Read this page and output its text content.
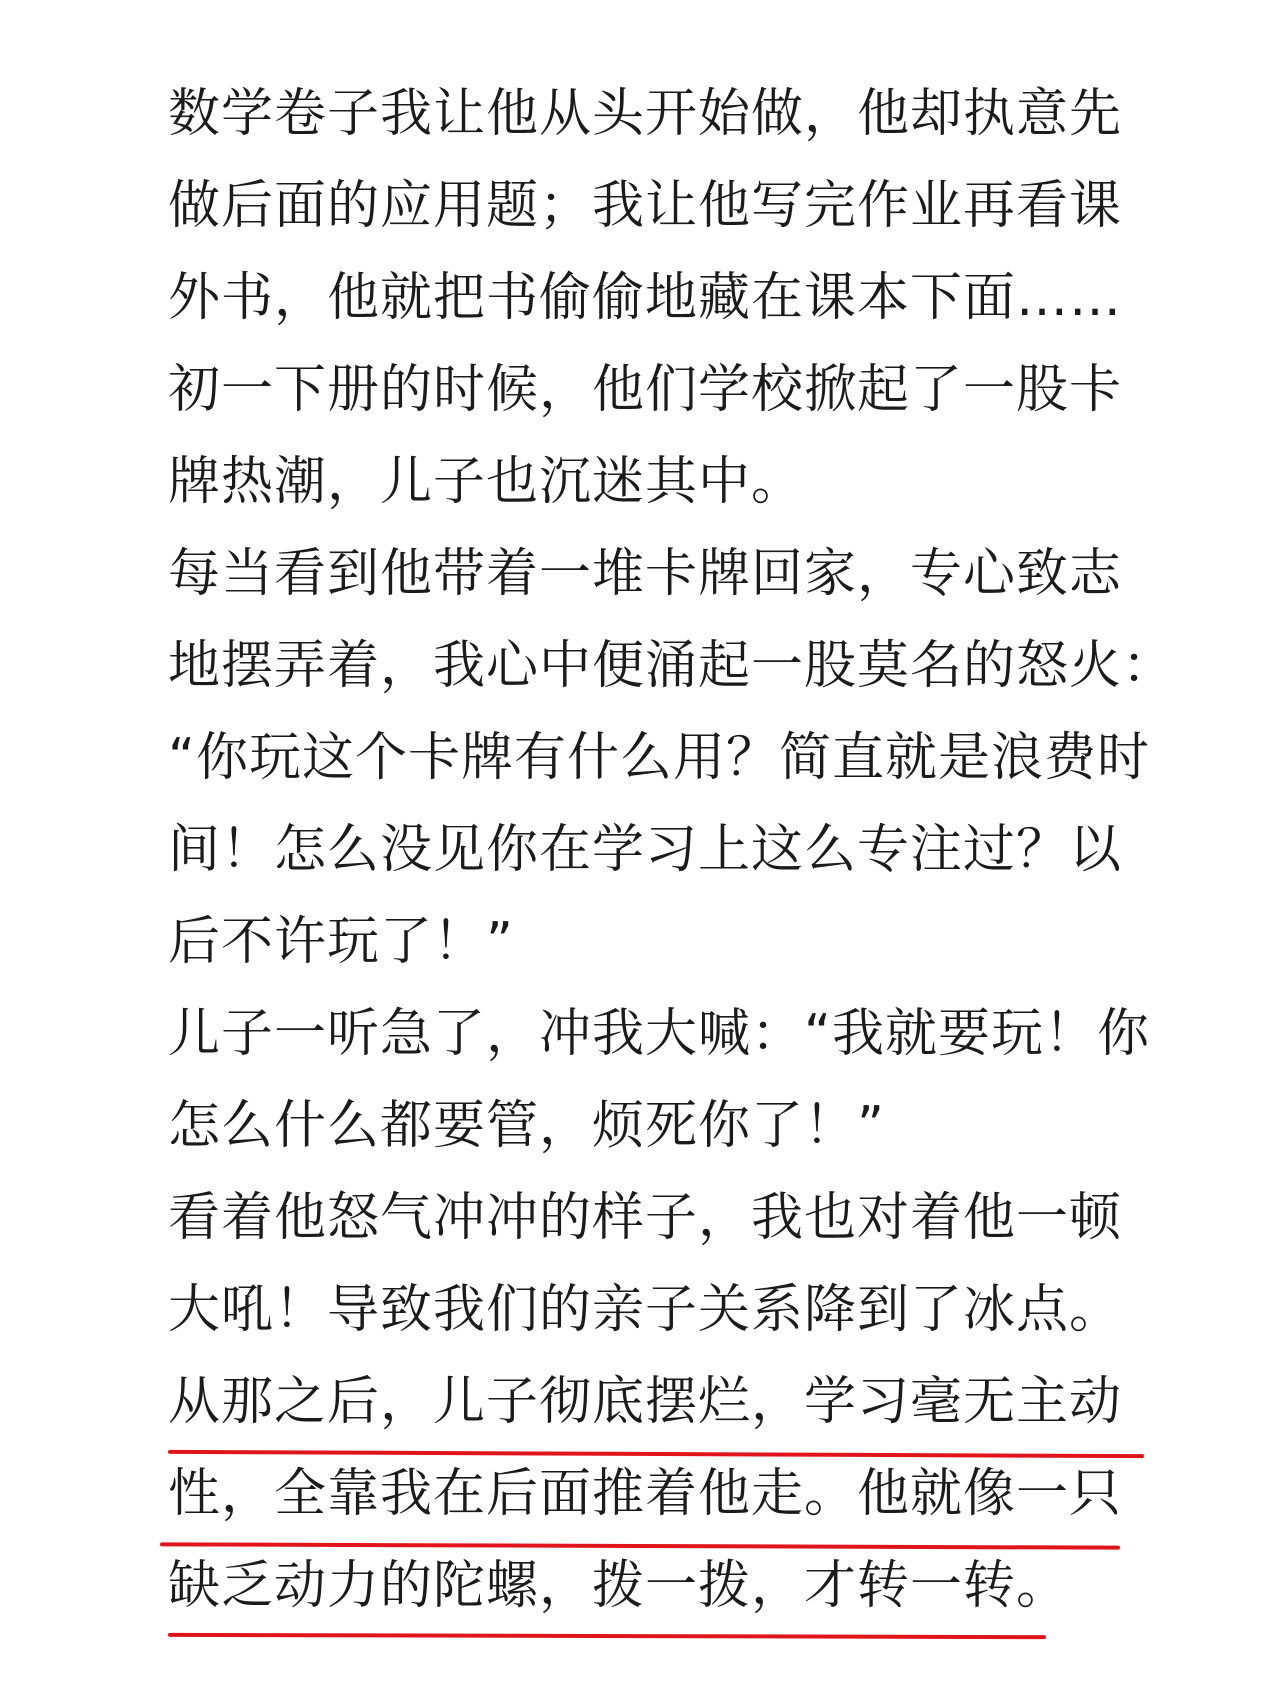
数学卷子我让他从头开始做，他却执意先
做后面的应用题；我让他写完作业再看课
外书，他就把书偷偷地藏在课本下面……
初一下册的时候，他们学校掀起了一股卡
牌热潮，儿子也沉迷其中。
每当看到他带着一堆卡牌回家，专心致志
地摆弄着，我心中便涌起一股莫名的怒火：
“你玩这个卡牌有什么用？简直就是浪费时
间！怎么没见你在学习上这么专注过？以
后不许玩了！”
儿子一听急了，冲我大喊：“我就要玩！你
怎么什么都要管，烦死你了！”
看着他怒气冲冲的样子，我也对着他一顿
大吼！导致我们的亲子关系降到了冰点。
从那之后，儿子彻底摆烂，学习毫无主动
性，全靠我在后面推着他走。他就像一只
缺乏动力的陀螺，拨一拨，才转一转。
